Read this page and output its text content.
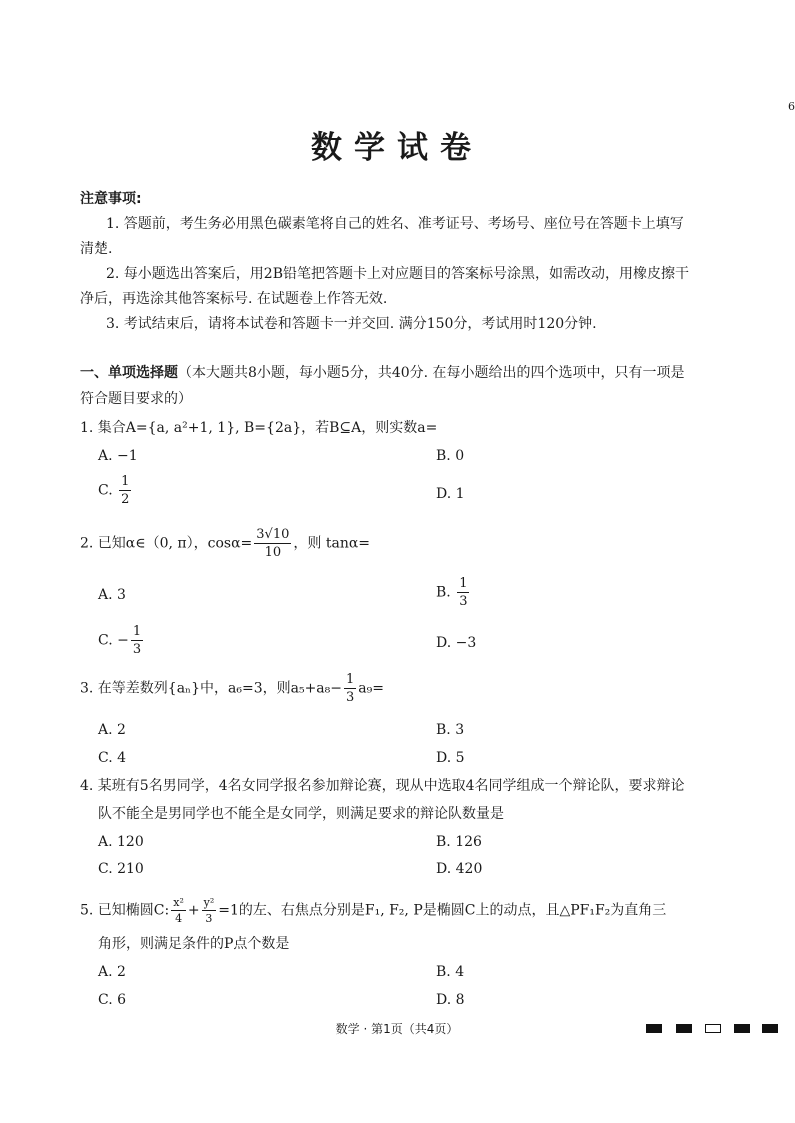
6
数学试卷
注意事项:
1. 答题前，考生务必用黑色碳素笔将自己的姓名、准考证号、考场号、座位号在答题卡上填写
清楚.
2. 每小题选出答案后，用2B铅笔把答题卡上对应题目的答案标号涂黑，如需改动，用橡皮擦干
净后，再选涂其他答案标号. 在试题卷上作答无效.
3. 考试结束后，请将本试卷和答题卡一并交回. 满分150分，考试用时120分钟.
一、单项选择题（本大题共8小题，每小题5分，共40分. 在每小题给出的四个选项中，只有一项是
符合题目要求的）
1. 集合A={a, a²+1, 1}, B={2a}，若B⊆A，则实数a=
A. −1	B. 0
C. $\frac{1}{2}$	D. 1
2. 已知α∈（0, π），$\cos\alpha= \frac{3√10}{10}$ ，则 tanα=
A. 3	B. $\frac{1}{3}$
C. − $\frac{1}{3}$	D. −3
3. 在等差数列{aₙ}中，a₆=3，则$a_5+a_8- \frac{1}{3} a_9=$
A. 2	B. 3
C. 4	D. 5
4. 某班有5名男同学，4名女同学报名参加辩论赛，现从中选取4名同学组成一个辩论队，要求辩论
队不能全是男同学也不能全是女同学，则满足要求的辩论队数量是
A. 120	B. 126
C. 210	D. 420
5. 已知椭圆C: $\frac{\text{x²}}{4} + \frac{\text{y²}}{3} =1$的左、右焦点分别是F₁, F₂, P是椭圆C上的动点，且△PF₁F₂为直角三
角形，则满足条件的P点个数是
A. 2	B. 4
C. 6	D. 8
数学 · 第1页（共4页）
